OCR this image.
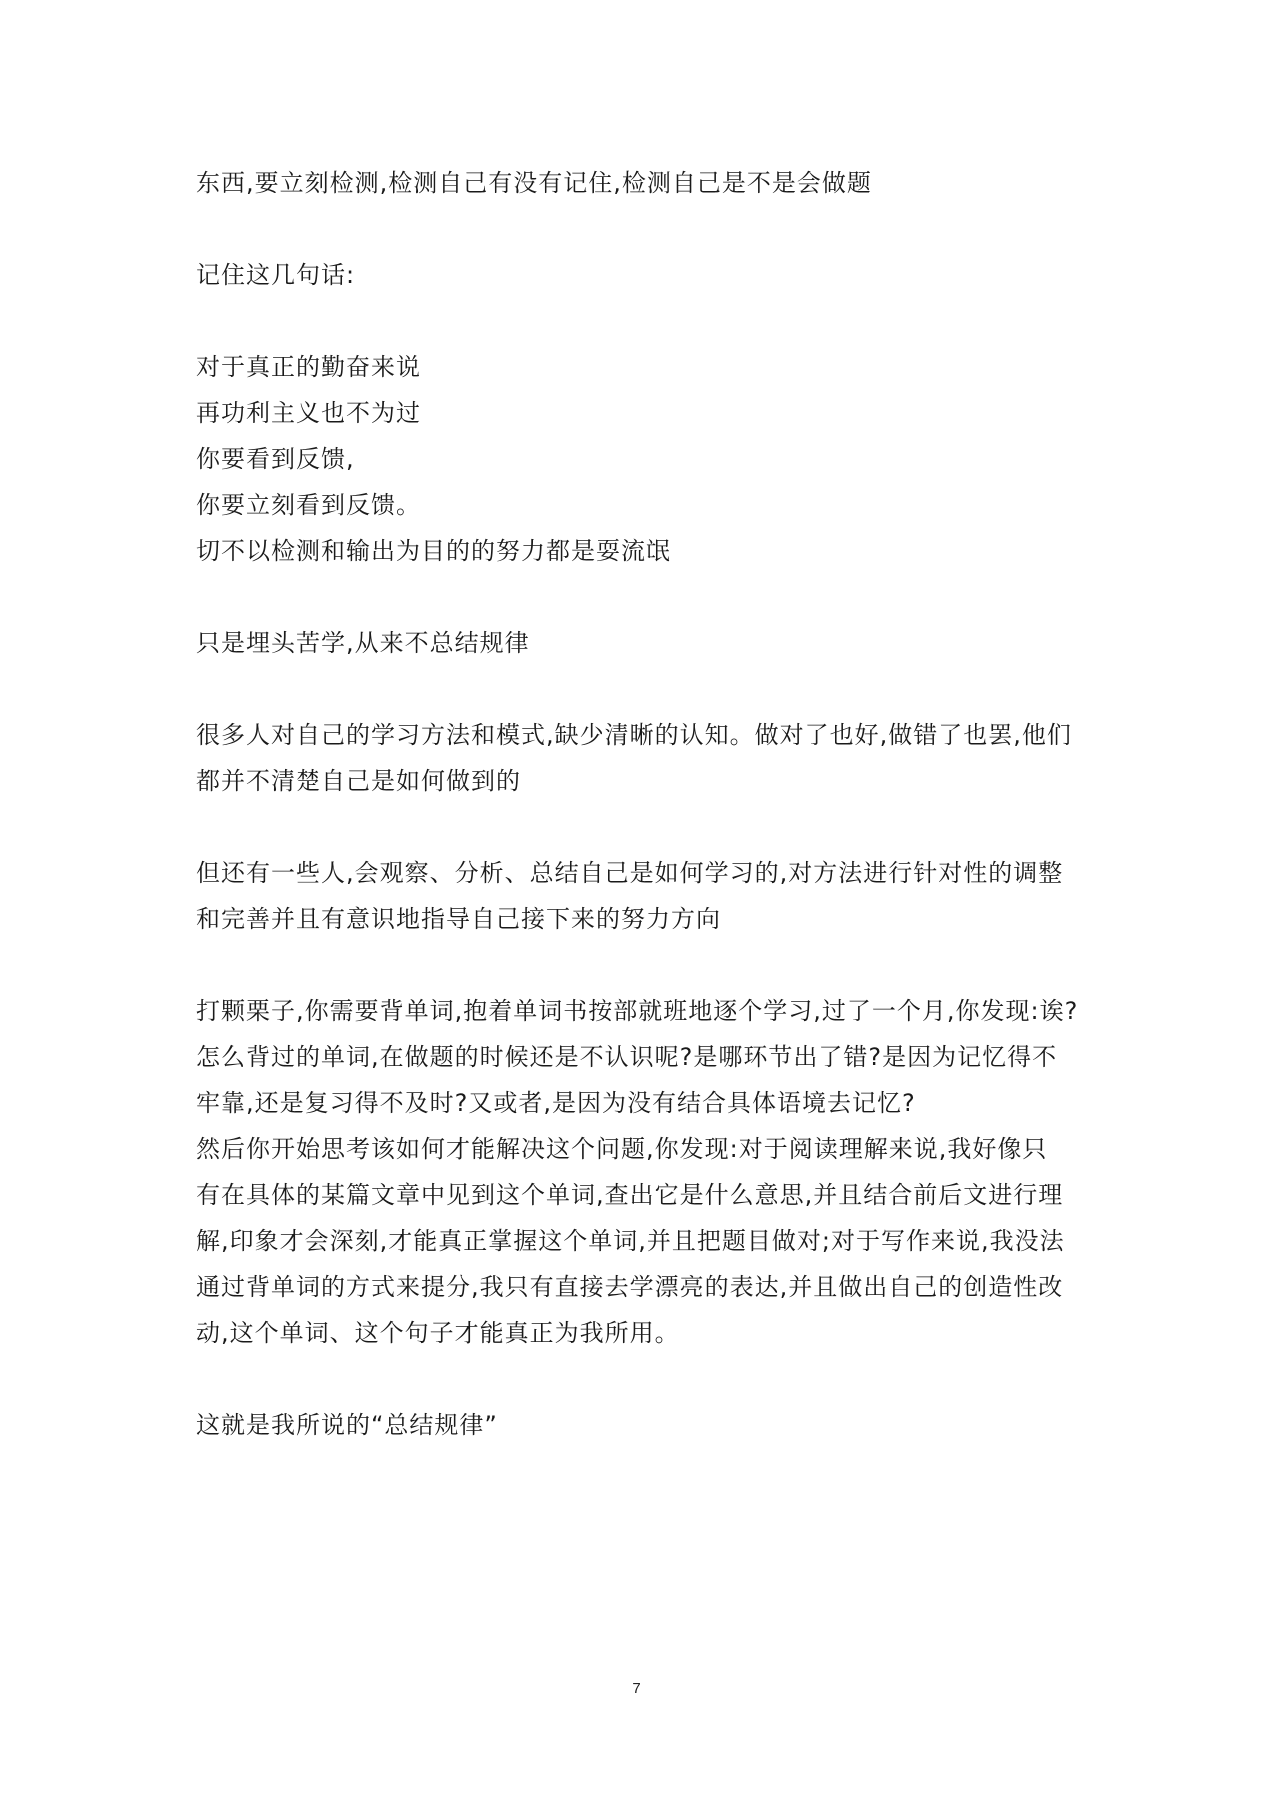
东西,要立刻检测,检测自己有没有记住,检测自己是不是会做题
记住这几句话:
对于真正的勤奋来说
再功利主义也不为过
你要看到反馈,
你要立刻看到反馈。
切不以检测和输出为目的的努力都是耍流氓
只是埋头苦学,从来不总结规律
很多人对自己的学习方法和模式,缺少清晰的认知。做对了也好,做错了也罢,他们
都并不清楚自己是如何做到的
但还有一些人,会观察、分析、总结自己是如何学习的,对方法进行针对性的调整
和完善并且有意识地指导自己接下来的努力方向
打颗栗子,你需要背单词,抱着单词书按部就班地逐个学习,过了一个月,你发现:诶?
怎么背过的单词,在做题的时候还是不认识呢?是哪环节出了错?是因为记忆得不
牢靠,还是复习得不及时?又或者,是因为没有结合具体语境去记忆?
然后你开始思考该如何才能解决这个问题,你发现:对于阅读理解来说,我好像只
有在具体的某篇文章中见到这个单词,查出它是什么意思,并且结合前后文进行理
解,印象才会深刻,才能真正掌握这个单词,并且把题目做对;对于写作来说,我没法
通过背单词的方式来提分,我只有直接去学漂亮的表达,并且做出自己的创造性改
动,这个单词、这个句子才能真正为我所用。
这就是我所说的“总结规律”
7
